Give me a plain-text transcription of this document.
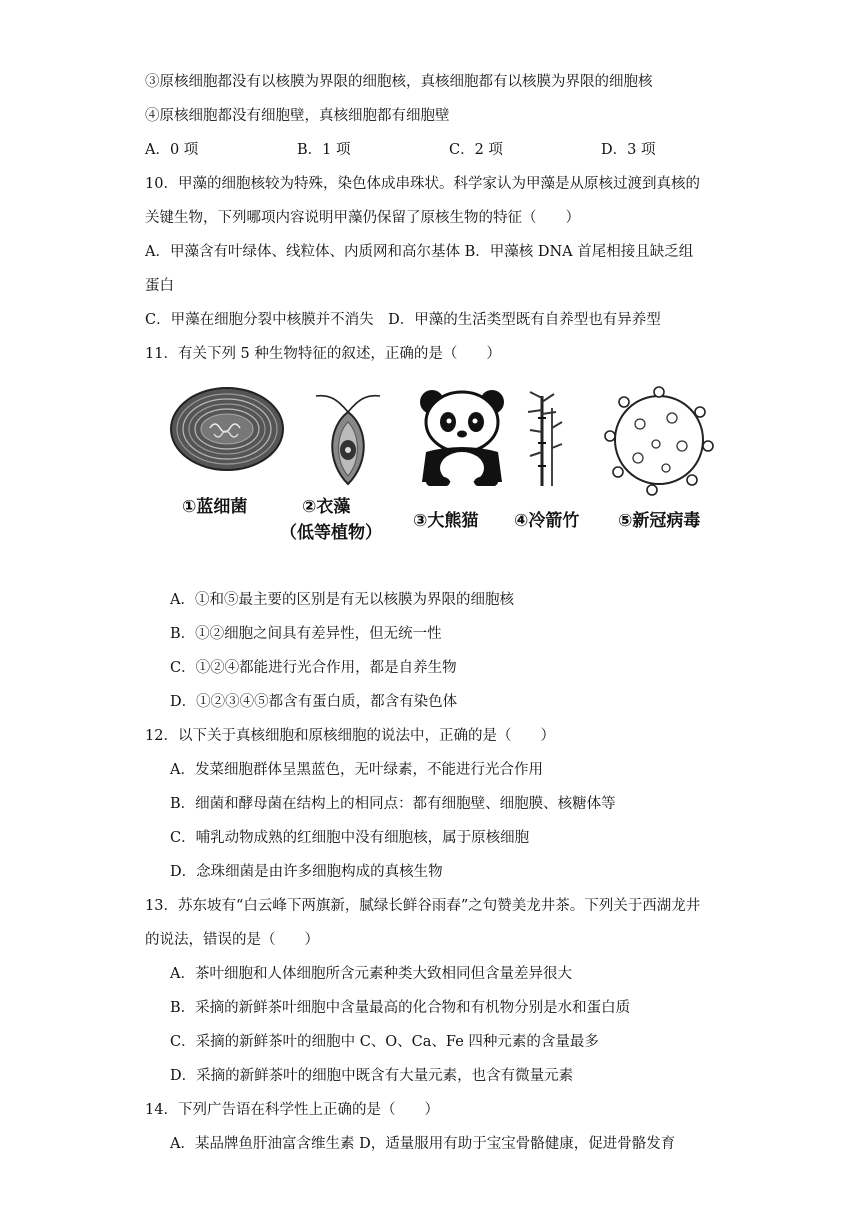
③原核细胞都没有以核膜为界限的细胞核，真核细胞都有以核膜为界限的细胞核
④原核细胞都没有细胞壁，真核细胞都有细胞壁
A．0 项	B．1 项	C．2 项	D．3 项
10．甲藻的细胞核较为特殊，染色体成串珠状。科学家认为甲藻是从原核过渡到真核的
关键生物，下列哪项内容说明甲藻仍保留了原核生物的特征（　　）
A．甲藻含有叶绿体、线粒体、内质网和高尔基体 B．甲藻核 DNA 首尾相接且缺乏组
蛋白
C．甲藻在细胞分裂中核膜并不消失　D．甲藻的生活类型既有自养型也有异养型
11．有关下列 5 种生物特征的叙述，正确的是（　　）
①蓝细菌	②衣藻
（低等植物）
③大熊猫 ④冷箭竹 ⑤新冠病毒
A．①和⑤最主要的区别是有无以核膜为界限的细胞核
B．①②细胞之间具有差异性，但无统一性
C．①②④都能进行光合作用，都是自养生物
D．①②③④⑤都含有蛋白质，都含有染色体
12．以下关于真核细胞和原核细胞的说法中，正确的是（　　）
A．发菜细胞群体呈黑蓝色，无叶绿素，不能进行光合作用
B．细菌和酵母菌在结构上的相同点：都有细胞壁、细胞膜、核糖体等
C．哺乳动物成熟的红细胞中没有细胞核，属于原核细胞
D．念珠细菌是由许多细胞构成的真核生物
13．苏东坡有“白云峰下两旗新，腻绿长鲜谷雨春”之句赞美龙井茶。下列关于西湖龙井
的说法，错误的是（　　）
A．茶叶细胞和人体细胞所含元素种类大致相同但含量差异很大
B．采摘的新鲜茶叶细胞中含量最高的化合物和有机物分别是水和蛋白质
C．采摘的新鲜茶叶的细胞中 C、O、Ca、Fe 四种元素的含量最多
D．采摘的新鲜茶叶的细胞中既含有大量元素，也含有微量元素
14．下列广告语在科学性上正确的是（　　）
A．某品牌鱼肝油富含维生素 D，适量服用有助于宝宝骨骼健康，促进骨骼发育
